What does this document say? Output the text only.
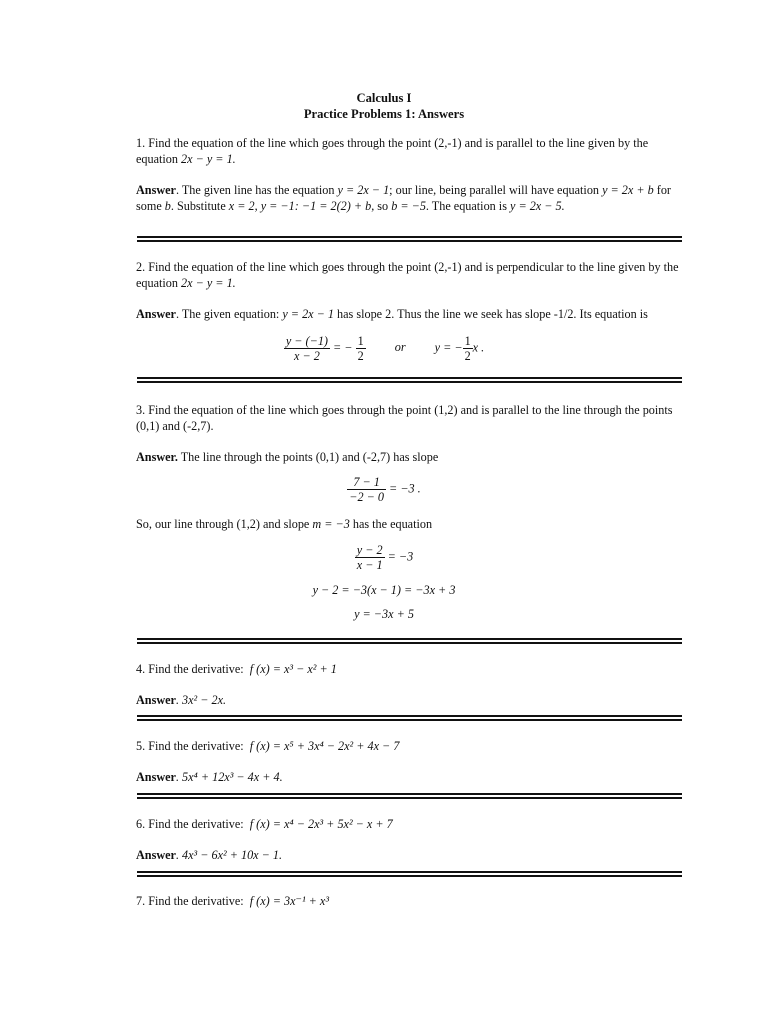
Calculus I
Practice Problems 1: Answers

1. Find the equation of the line which goes through the point (2,-1) and is parallel to the line given by the equation 2x − y = 1.

Answer. The given line has the equation y = 2x − 1; our line, being parallel will have equation y = 2x + b for some b. Substitute x = 2, y = −1: −1 = 2(2) + b, so b = −5. The equation is y = 2x − 5.

2. Find the equation of the line which goes through the point (2,-1) and is perpendicular to the line given by the equation 2x − y = 1.

Answer. The given equation: y = 2x − 1 has slope 2. Thus the line we seek has slope -1/2. Its equation is

$\frac{y - (-1)}{x - 2}$ = − $\frac{1}{2}$ or y = − $\frac{1}{2}$ x .

3. Find the equation of the line which goes through the point (1,2) and is parallel to the line through the points (0,1) and (-2,7).

Answer. The line through the points (0,1) and (-2,7) has slope

$\frac{7 - 1}{-2 - 0} = -3$ .

So, our line through (1,2) and slope m = −3 has the equation

$\frac{y - 2}{x - 1} = -3$
y − 2 = −3(x − 1) = −3x + 3
y = −3x + 5

4. Find the derivative: f (x) = x³ − x² + 1

Answer. 3x² − 2x.

5. Find the derivative: f (x) = x⁵ + 3x⁴ − 2x² + 4x − 7

Answer. 5x⁴ + 12x³ − 4x + 4.

6. Find the derivative: f (x) = x⁴ − 2x³ + 5x² − x + 7

Answer. 4x³ − 6x² + 10x − 1.

7. Find the derivative: f (x) = 3x⁻¹ + x³
